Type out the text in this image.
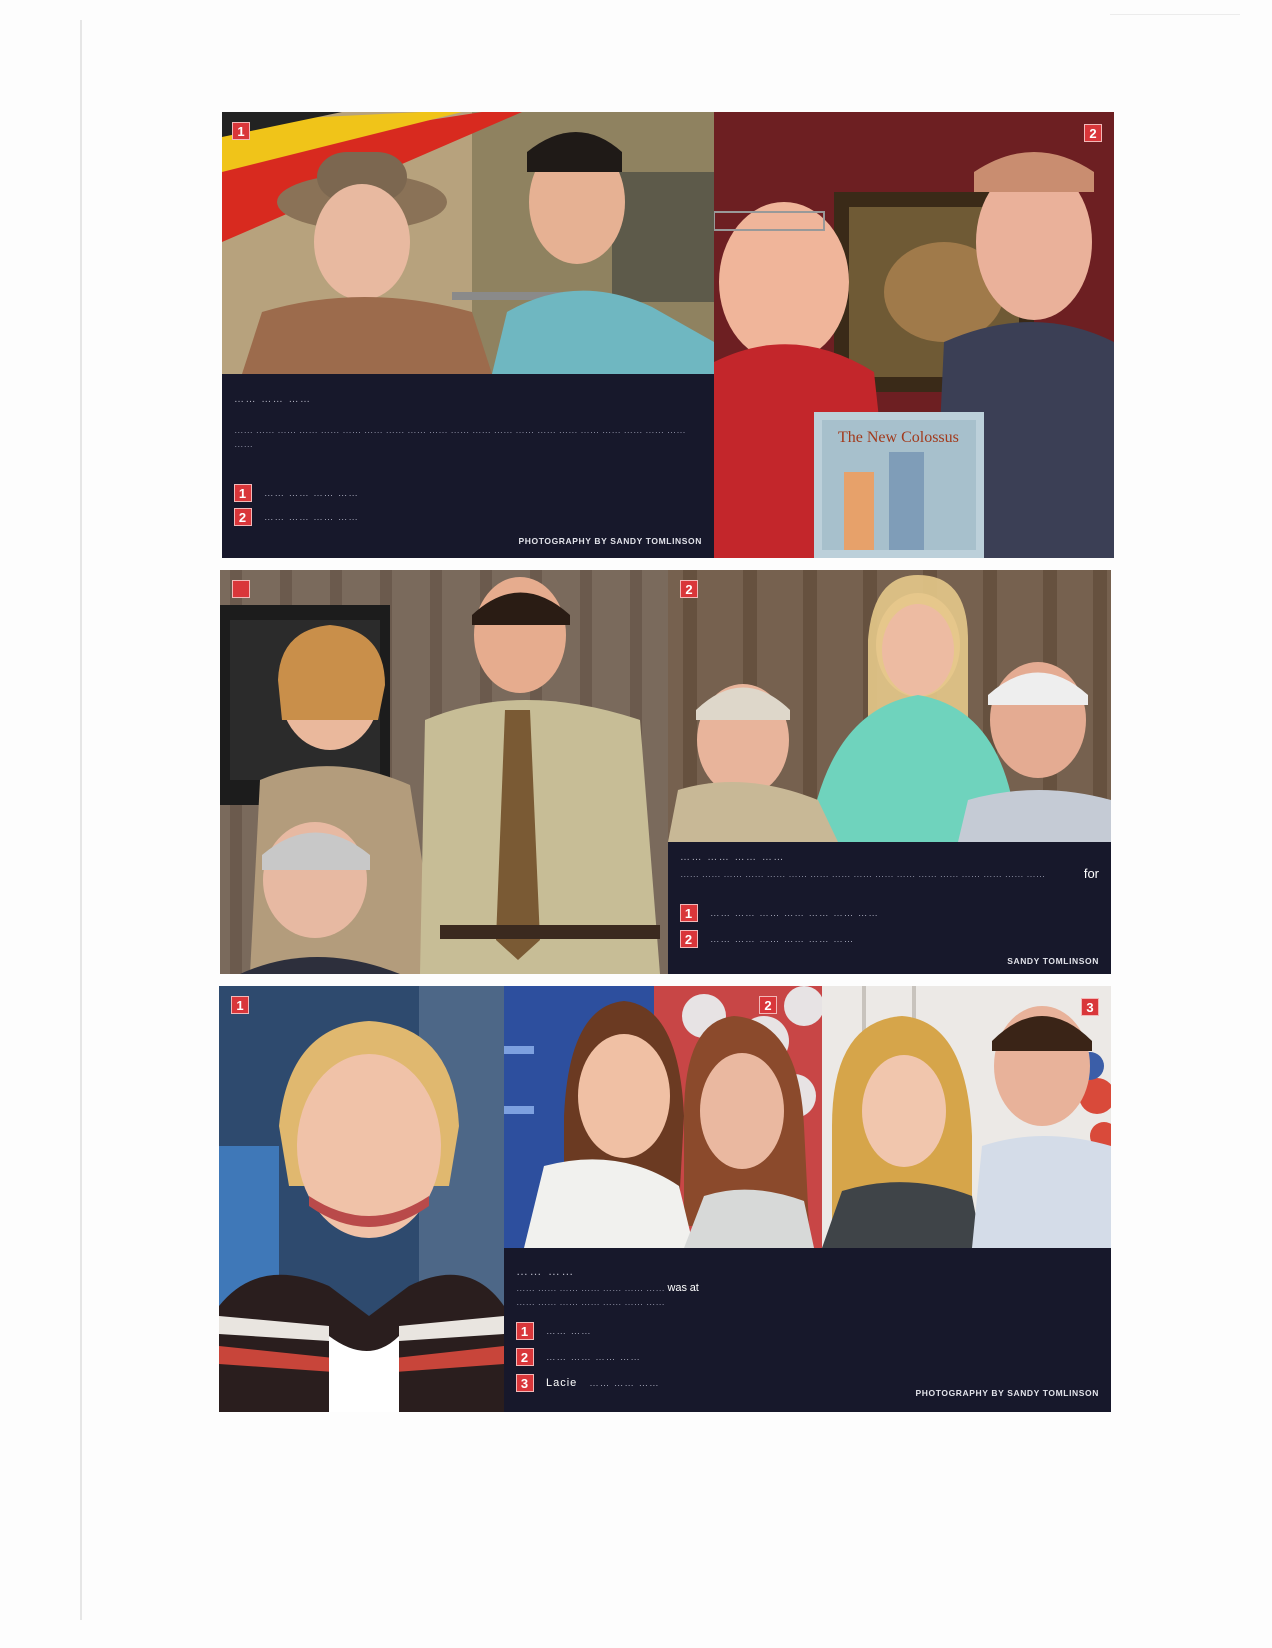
1
The New Colossus
2
…… …… ……
…… …… …… …… …… …… …… …… …… …… …… …… …… …… …… …… …… …… …… …… …… ……
1	…… …… …… ……
2	…… …… …… ……
PHOTOGRAPHY BY SANDY TOMLINSON
2
…… …… …… ……
…… …… …… …… …… …… …… …… …… …… …… …… …… …… …… …… ……	for
1	…… …… …… …… …… …… ……
2	…… …… …… …… …… ……
SANDY TOMLINSON
1	2	3
…… ……
…… …… …… …… …… …… …… was at
…… …… …… …… …… …… ……
1	…… ……
2	…… …… …… ……
3	Lacie …… …… ……
PHOTOGRAPHY BY SANDY TOMLINSON
